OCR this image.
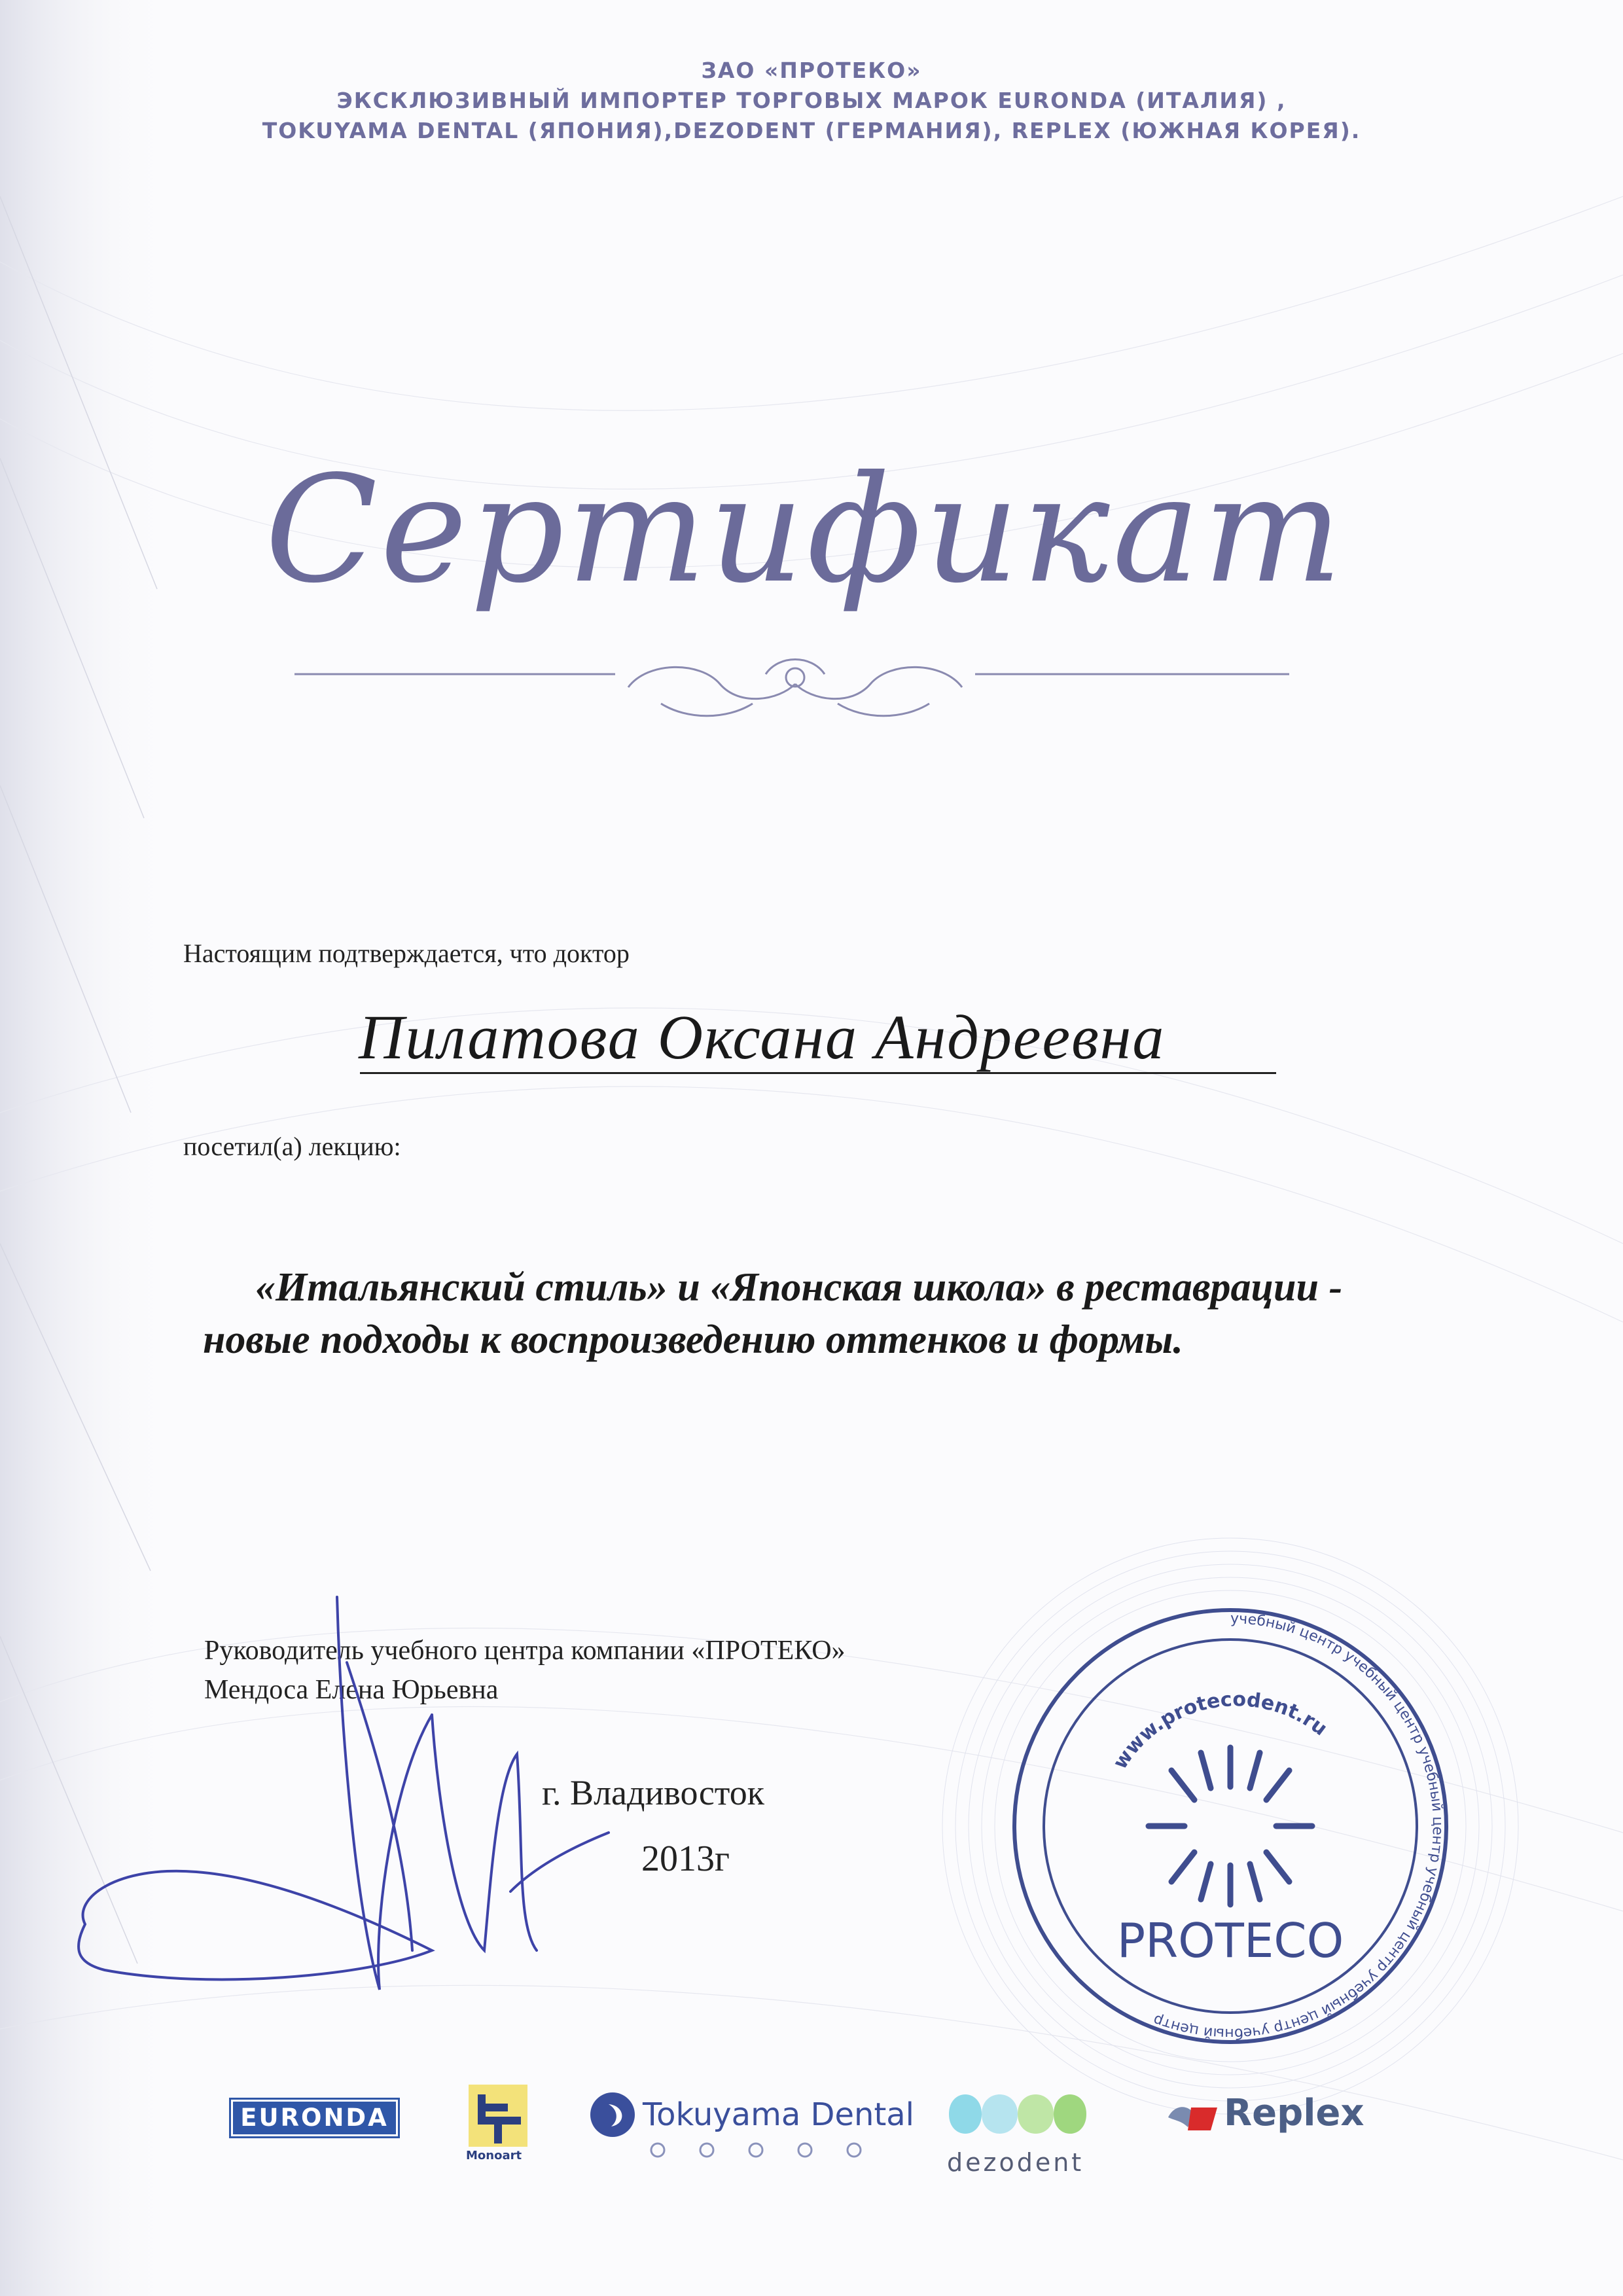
ЗАО «ПРОТЕКО»
ЭКСКЛЮЗИВНЫЙ ИМПОРТЕР ТОРГОВЫХ МАРОК EURONDA (ИТАЛИЯ) ,
TOKUYAMA DENTAL (ЯПОНИЯ),DEZODENT (ГЕРМАНИЯ), REPLEX (ЮЖНАЯ КОРЕЯ).
Сертификат
Настоящим подтверждается, что доктор
Пилатова Оксана Андреевна
посетил(а) лекцию:
«Итальянский стиль» и «Японская школа» в реставрации -
новые подходы к воспроизведению оттенков и формы.
Руководитель учебного центра компании «ПРОТЕКО»
Мендоса Елена Юрьевна
г. Владивосток
2013г
учебный центр учебный центр учебный центр учебный центр учебный центр учебный центр
www.protecodent.ru
PROTECO
EURONDA
Monoart
Tokuyama Dental
dezodent
Replex
